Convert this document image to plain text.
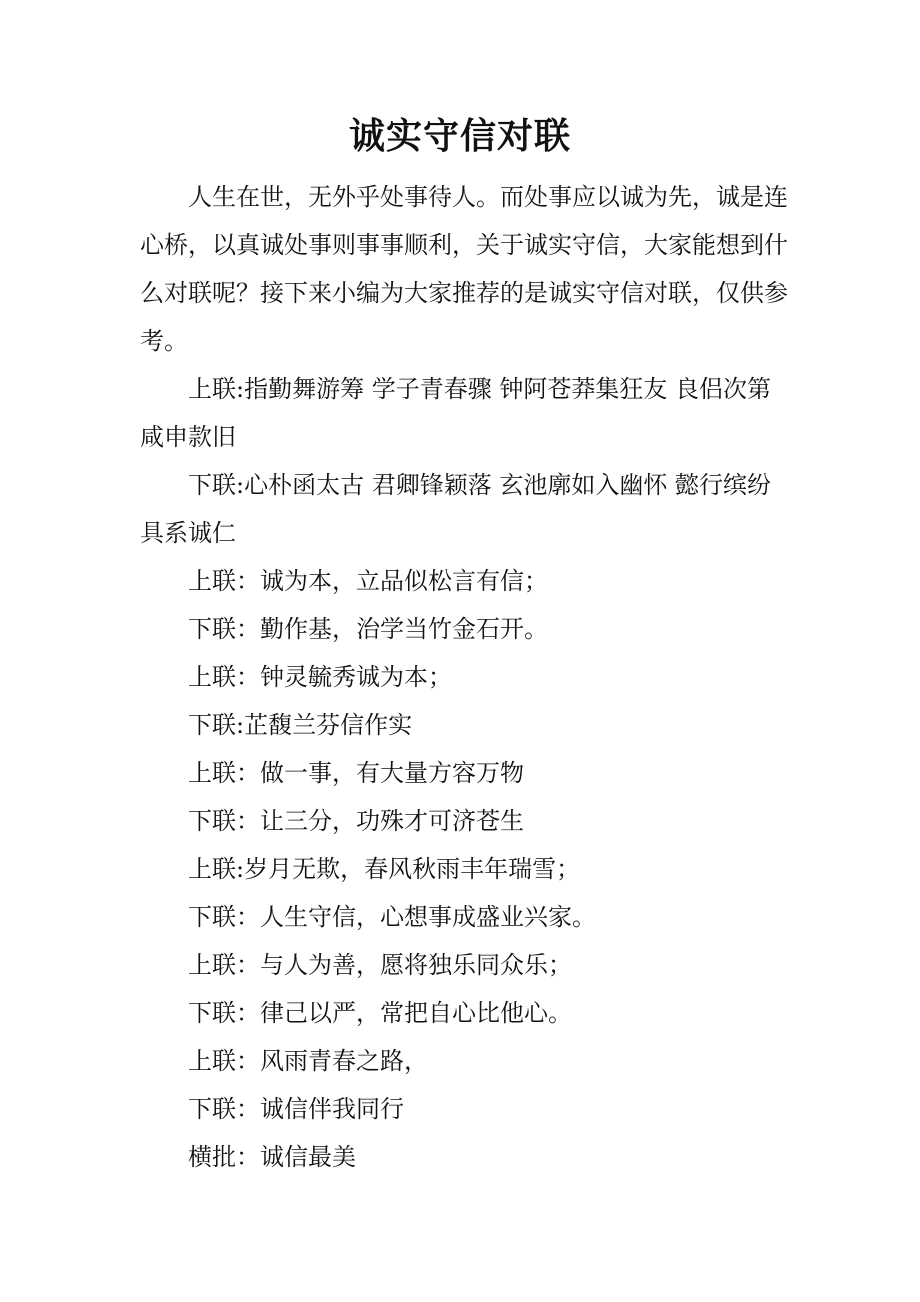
诚实守信对联

人生在世，无外乎处事待人。而处事应以诚为先，诚是连心桥，以真诚处事则事事顺利，关于诚实守信，大家能想到什么对联呢？接下来小编为大家推荐的是诚实守信对联，仅供参考。

上联:指勤舞游筹 学子青春骤 钟阿苍莽集狂友 良侣次第 咸申款旧

下联:心朴函太古 君卿锋颖落 玄池廓如入幽怀 懿行缤纷 具系诚仁

上联：诚为本，立品似松言有信；

下联：勤作基，治学当竹金石开。

上联：钟灵毓秀诚为本；

下联:芷馥兰芬信作实

上联：做一事，有大量方容万物

下联：让三分，功殊才可济苍生

上联:岁月无欺，春风秋雨丰年瑞雪；

下联：人生守信，心想事成盛业兴家。

上联：与人为善，愿将独乐同众乐；

下联：律己以严，常把自心比他心。

上联：风雨青春之路，

下联：诚信伴我同行

横批：诚信最美
